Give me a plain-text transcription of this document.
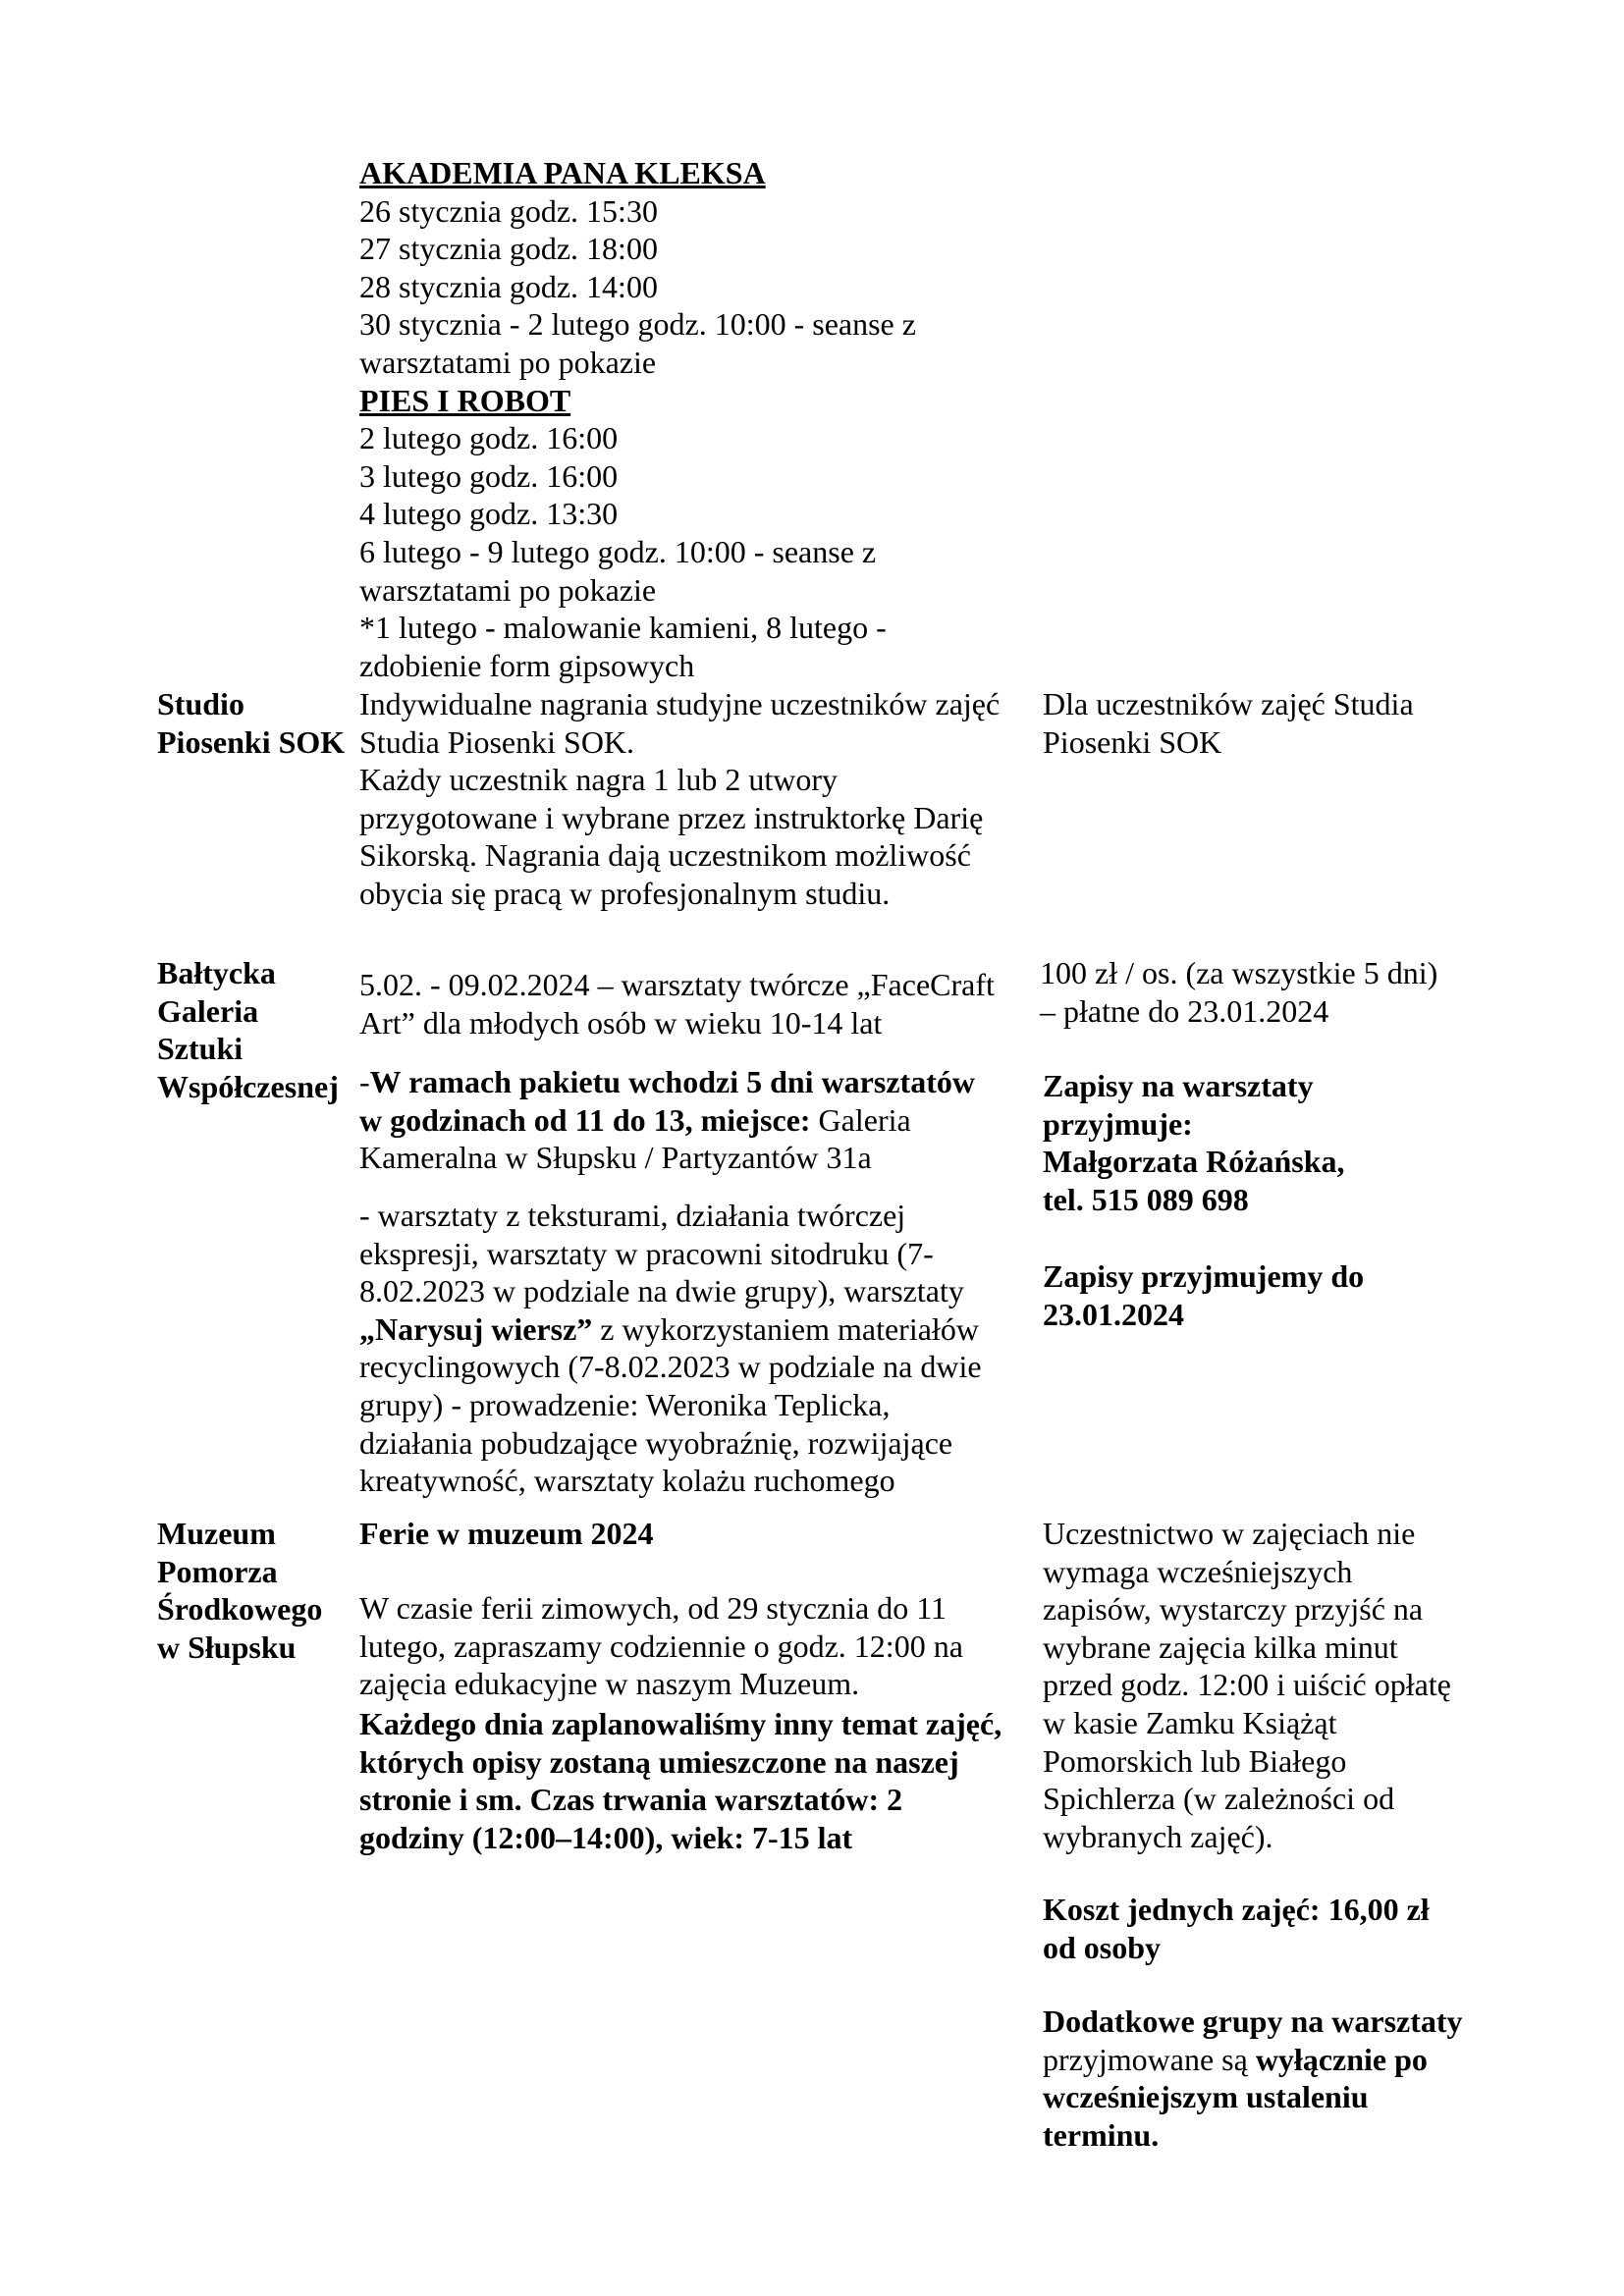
AKADEMIA PANA KLEKSA
26 stycznia godz. 15:30
27 stycznia godz. 18:00
28 stycznia godz. 14:00
30 stycznia - 2 lutego godz. 10:00 - seanse z
warsztatami po pokazie
PIES I ROBOT
2 lutego godz. 16:00
3 lutego godz. 16:00
4 lutego godz. 13:30
6 lutego - 9 lutego godz. 10:00 - seanse z
warsztatami po pokazie
*1 lutego - malowanie kamieni, 8 lutego -
zdobienie form gipsowych
Studio
Piosenki SOK
Indywidualne nagrania studyjne uczestników zajęć
Studia Piosenki SOK.
Każdy uczestnik nagra 1 lub 2 utwory
przygotowane i wybrane przez instruktorkę Darię
Sikorską. Nagrania dają uczestnikom możliwość
obycia się pracą w profesjonalnym studiu.
Dla uczestników zajęć Studia
Piosenki SOK
Bałtycka
Galeria
Sztuki
Współczesnej
5.02. - 09.02.2024 – warsztaty twórcze „FaceCraft
Art” dla młodych osób w wieku 10-14 lat
-W ramach pakietu wchodzi 5 dni warsztatów
w godzinach od 11 do 13, miejsce: Galeria
Kameralna w Słupsku / Partyzantów 31a
- warsztaty z teksturami, działania twórczej
ekspresji, warsztaty w pracowni sitodruku (7-
8.02.2023 w podziale na dwie grupy), warsztaty
„Narysuj wiersz” z wykorzystaniem materiałów
recyclingowych (7-8.02.2023 w podziale na dwie
grupy) - prowadzenie: Weronika Teplicka,
działania pobudzające wyobraźnię, rozwijające
kreatywność, warsztaty kolażu ruchomego
100 zł / os. (za wszystkie 5 dni)
– płatne do 23.01.2024
Zapisy na warsztaty
przyjmuje:
Małgorzata Różańska,
tel. 515 089 698
Zapisy przyjmujemy do
23.01.2024
Muzeum
Pomorza
Środkowego
w Słupsku
Ferie w muzeum 2024
W czasie ferii zimowych, od 29 stycznia do 11
lutego, zapraszamy codziennie o godz. 12:00 na
zajęcia edukacyjne w naszym Muzeum.
Każdego dnia zaplanowaliśmy inny temat zajęć,
których opisy zostaną umieszczone na naszej
stronie i sm. Czas trwania warsztatów: 2
godziny (12:00–14:00), wiek: 7-15 lat
Uczestnictwo w zajęciach nie
wymaga wcześniejszych
zapisów, wystarczy przyjść na
wybrane zajęcia kilka minut
przed godz. 12:00 i uiścić opłatę
w kasie Zamku Książąt
Pomorskich lub Białego
Spichlerza (w zależności od
wybranych zajęć).
Koszt jednych zajęć: 16,00 zł
od osoby
Dodatkowe grupy na warsztaty
przyjmowane są wyłącznie po
wcześniejszym ustaleniu
terminu.
